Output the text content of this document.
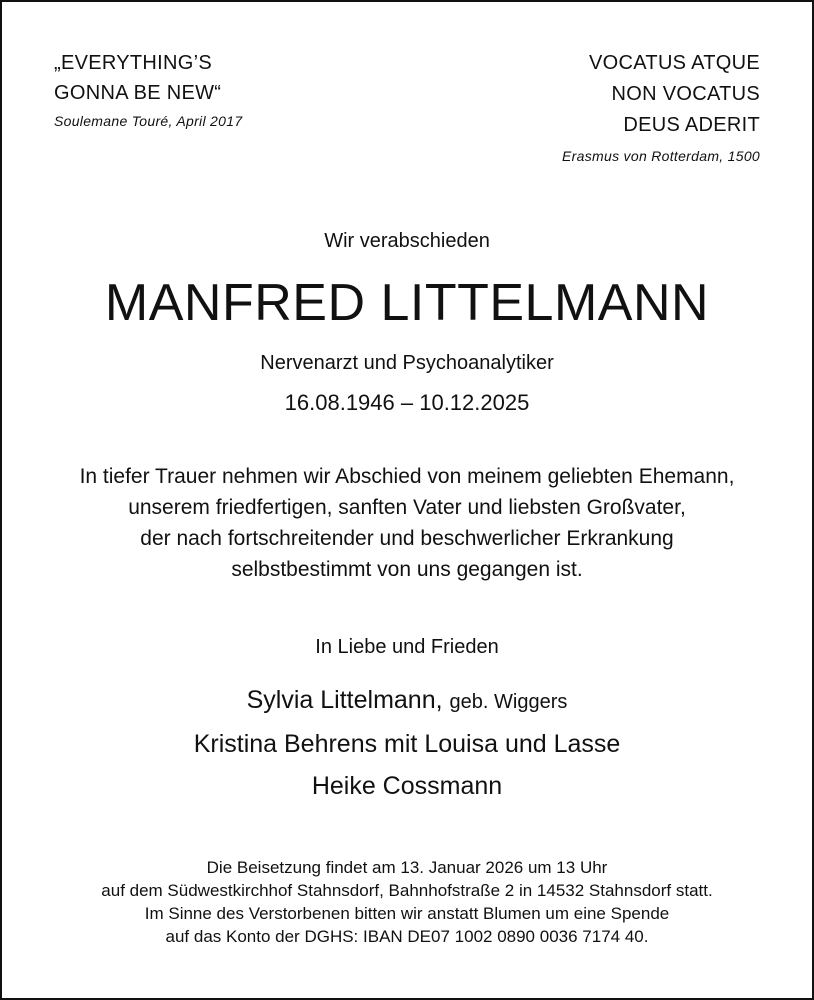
„EVERYTHING’S
GONNA BE NEW“
Soulemane Touré, April 2017
VOCATUS ATQUE
NON VOCATUS
DEUS ADERIT
Erasmus von Rotterdam, 1500
Wir verabschieden
MANFRED LITTELMANN
Nervenarzt und Psychoanalytiker
16.08.1946 – 10.12.2025
In tiefer Trauer nehmen wir Abschied von meinem geliebten Ehemann,
unserem friedfertigen, sanften Vater und liebsten Großvater,
der nach fortschreitender und beschwerlicher Erkrankung
selbstbestimmt von uns gegangen ist.
In Liebe und Frieden
Sylvia Littelmann, geb. Wiggers
Kristina Behrens mit Louisa und Lasse
Heike Cossmann
Die Beisetzung findet am 13. Januar 2026 um 13 Uhr
auf dem Südwestkirchhof Stahnsdorf, Bahnhofstraße 2 in 14532 Stahnsdorf statt.
Im Sinne des Verstorbenen bitten wir anstatt Blumen um eine Spende
auf das Konto der DGHS: IBAN DE07 1002 0890 0036 7174 40.
